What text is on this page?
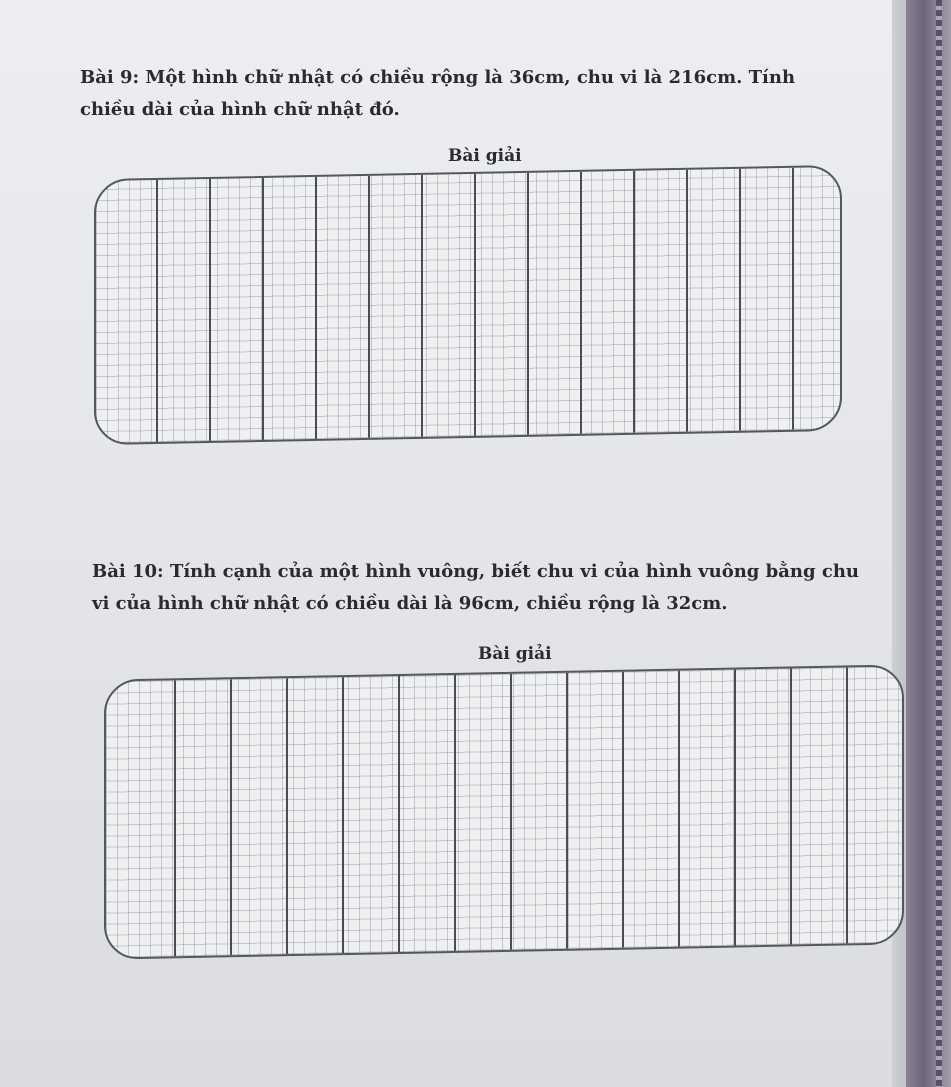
Bài 9: Một hình chữ nhật có chiều rộng là 36cm, chu vi là 216cm. Tính chiều dài của hình chữ nhật đó.

Bài giải

Bài 10: Tính cạnh của một hình vuông, biết chu vi của hình vuông bằng chu vi của hình chữ nhật có chiều dài là 96cm, chiều rộng là 32cm.

Bài giải
